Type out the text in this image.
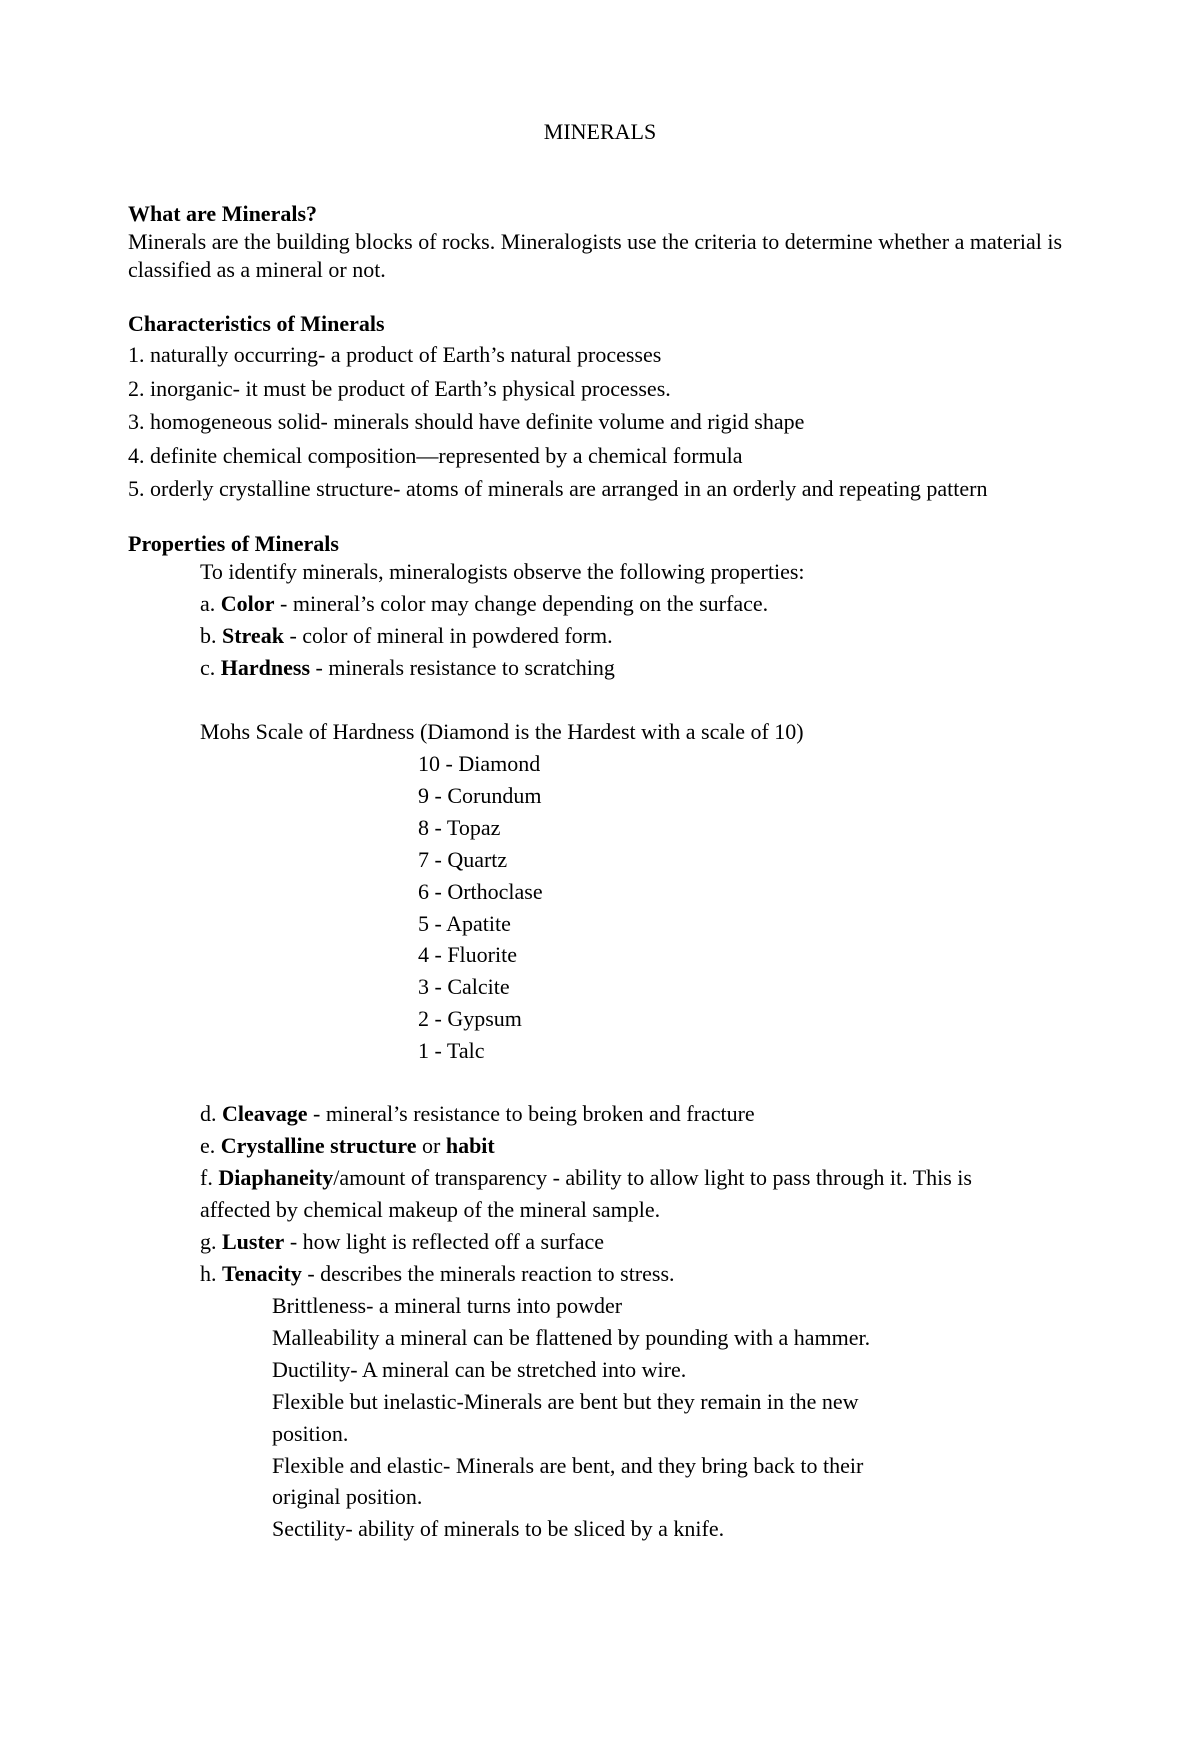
MINERALS
What are Minerals?
Minerals are the building blocks of rocks. Mineralogists use the criteria to determine whether a material is classified as a mineral or not.
Characteristics of Minerals
1. naturally occurring- a product of Earth’s natural processes
2. inorganic- it must be product of Earth’s physical processes.
3. homogeneous solid- minerals should have definite volume and rigid shape
4. definite chemical composition—represented by a chemical formula
5. orderly crystalline structure- atoms of minerals are arranged in an orderly and repeating pattern
Properties of Minerals
To identify minerals, mineralogists observe the following properties:
a. Color - mineral’s color may change depending on the surface.
b. Streak - color of mineral in powdered form.
c. Hardness - minerals resistance to scratching
Mohs Scale of Hardness (Diamond is the Hardest with a scale of 10)
10 - Diamond
9 - Corundum
8 - Topaz
7 - Quartz
6 - Orthoclase
5 - Apatite
4 - Fluorite
3 - Calcite
2 - Gypsum
1 - Talc
d. Cleavage - mineral’s resistance to being broken and fracture
e. Crystalline structure or habit
f. Diaphaneity/amount of transparency - ability to allow light to pass through it. This is
affected by chemical makeup of the mineral sample.
g. Luster - how light is reflected off a surface
h. Tenacity - describes the minerals reaction to stress.
Brittleness- a mineral turns into powder
Malleability a mineral can be flattened by pounding with a hammer.
Ductility- A mineral can be stretched into wire.
Flexible but inelastic-Minerals are bent but they remain in the new
position.
Flexible and elastic- Minerals are bent, and they bring back to their
original position.
Sectility- ability of minerals to be sliced by a knife.
